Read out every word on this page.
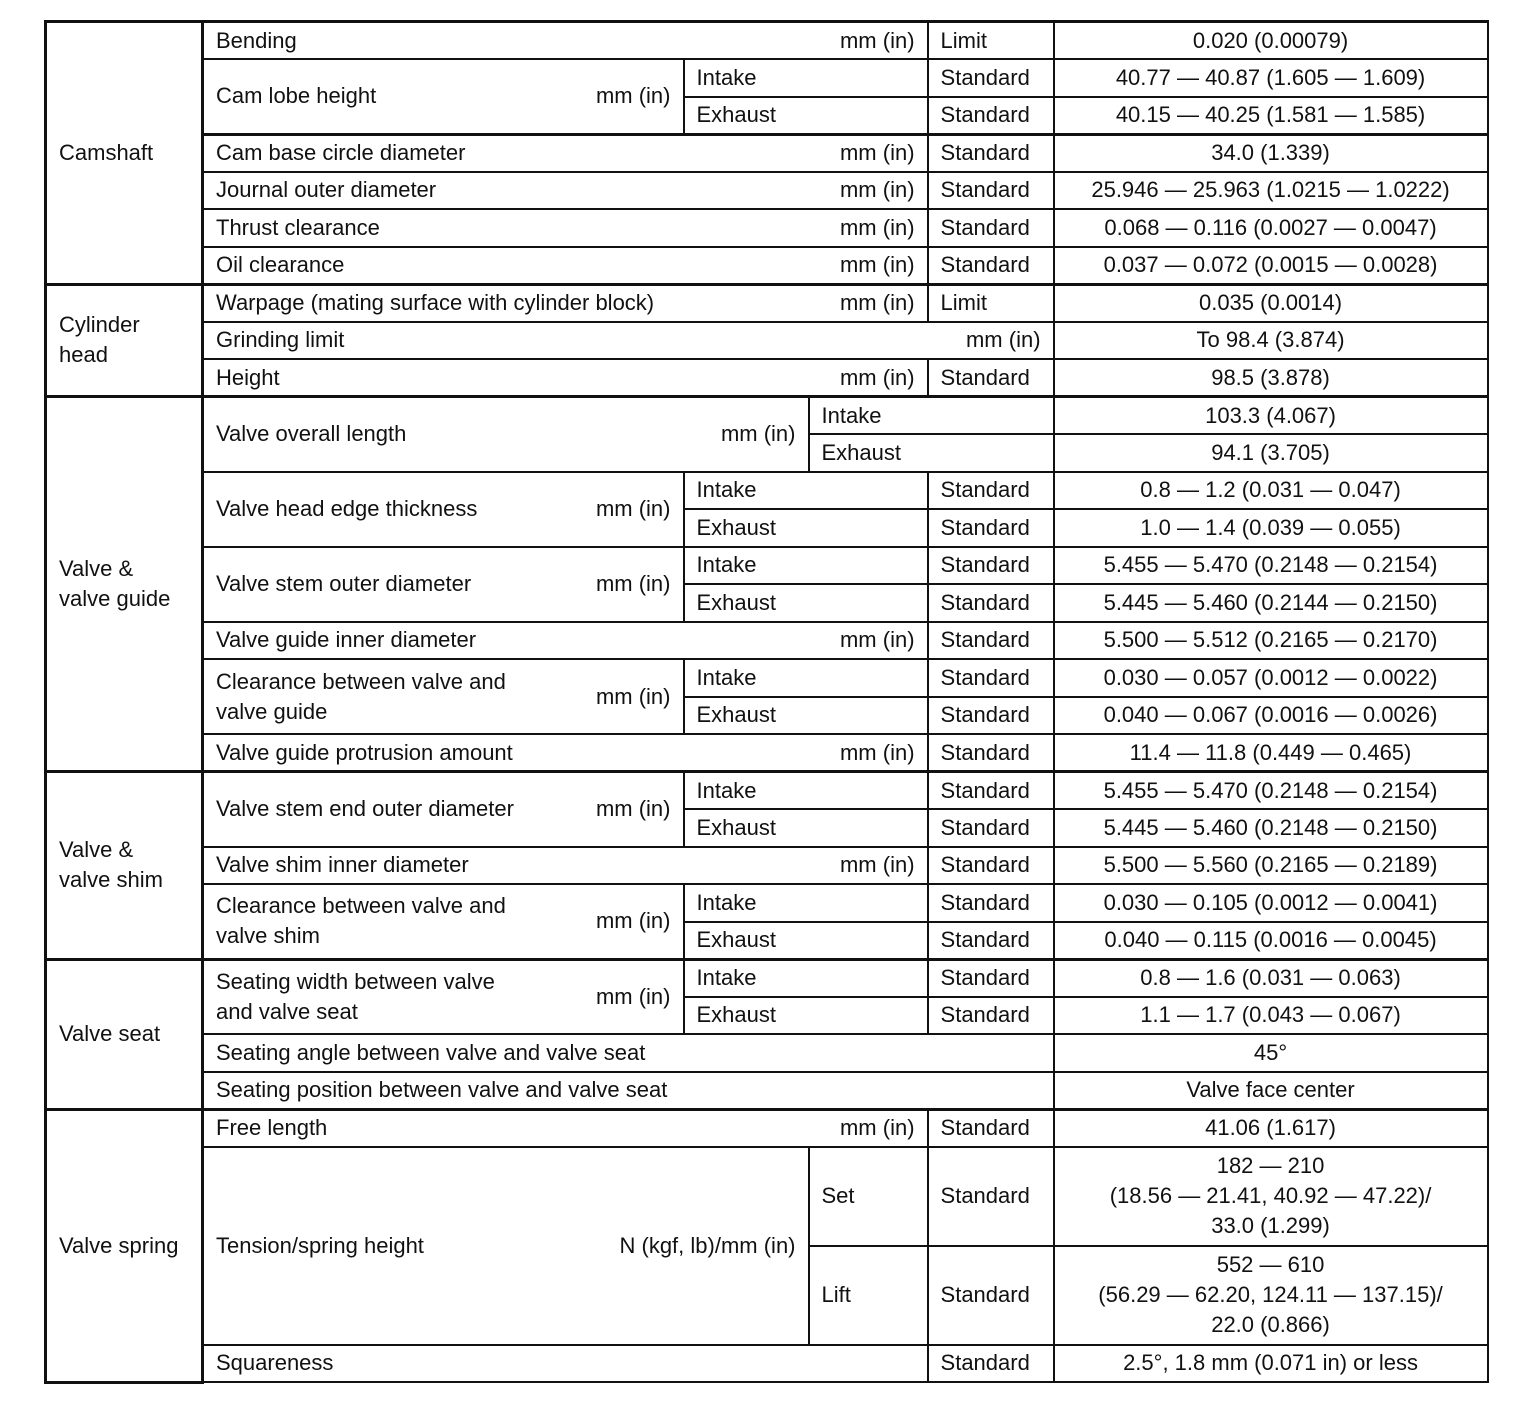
Camshaft	Bending mm (in)			Limit	0.020 (0.00079)

	Cam lobe height mm (in)	Intake		Standard	40.77 — 40.87 (1.605 — 1.609)
		Exhaust		Standard	40.15 — 40.25 (1.581 — 1.585)

	Cam base circle diameter mm (in)			Standard	34.0 (1.339)

	Journal outer diameter mm (in)			Standard	25.946 — 25.963 (1.0215 — 1.0222)

	Thrust clearance mm (in)			Standard	0.068 — 0.116 (0.0027 — 0.0047)

	Oil clearance mm (in)			Standard	0.037 — 0.072 (0.0015 — 0.0028)
Cylinder
head	Warpage (mating surface with cylinder block) mm (in)			Limit	0.035 (0.0014)

	Grinding limit mm (in)				To 98.4 (3.874)

	Height mm (in)			Standard	98.5 (3.878)
Valve &
valve guide	Valve overall length mm (in)		Intake		103.3 (4.067)
			Exhaust		94.1 (3.705)

	Valve head edge thickness mm (in)	Intake		Standard	0.8 — 1.2 (0.031 — 0.047)
		Exhaust		Standard	1.0 — 1.4 (0.039 — 0.055)

	Valve stem outer diameter mm (in)	Intake		Standard	5.455 — 5.470 (0.2148 — 0.2154)
		Exhaust		Standard	5.445 — 5.460 (0.2144 — 0.2150)

	Valve guide inner diameter mm (in)			Standard	5.500 — 5.512 (0.2165 — 0.2170)

	Clearance between valve and
valve guide
mm (in)	Intake		Standard	0.030 — 0.057 (0.0012 — 0.0022)
		Exhaust		Standard	0.040 — 0.067 (0.0016 — 0.0026)

	Valve guide protrusion amount mm (in)			Standard	11.4 — 11.8 (0.449 — 0.465)
Valve &
valve shim	Valve stem end outer diameter mm (in)	Intake		Standard	5.455 — 5.470 (0.2148 — 0.2154)
		Exhaust		Standard	5.445 — 5.460 (0.2148 — 0.2150)

	Valve shim inner diameter mm (in)			Standard	5.500 — 5.560 (0.2165 — 0.2189)

	Clearance between valve and
valve shim
mm (in)	Intake		Standard	0.030 — 0.105 (0.0012 — 0.0041)
		Exhaust		Standard	0.040 — 0.115 (0.0016 — 0.0045)
Valve seat	Seating width between valve
and valve seat
mm (in)	Intake		Standard	0.8 — 1.6 (0.031 — 0.063)
		Exhaust		Standard	1.1 — 1.7 (0.043 — 0.067)
	Seating angle between valve and valve seat				45°
	Seating position between valve and valve seat				Valve face center
Valve spring	Free length mm (in)			Standard	41.06 (1.617)

	Tension/spring height N (kgf, lb)/mm (in)		Set	Standard	182 — 210
(18.56 — 21.41, 40.92 — 47.22)/
33.0 (1.299)
			Lift	Standard	552 — 610
(56.29 — 62.20, 124.11 — 137.15)/
22.0 (0.866)
	Squareness			Standard	2.5°, 1.8 mm (0.071 in) or less
